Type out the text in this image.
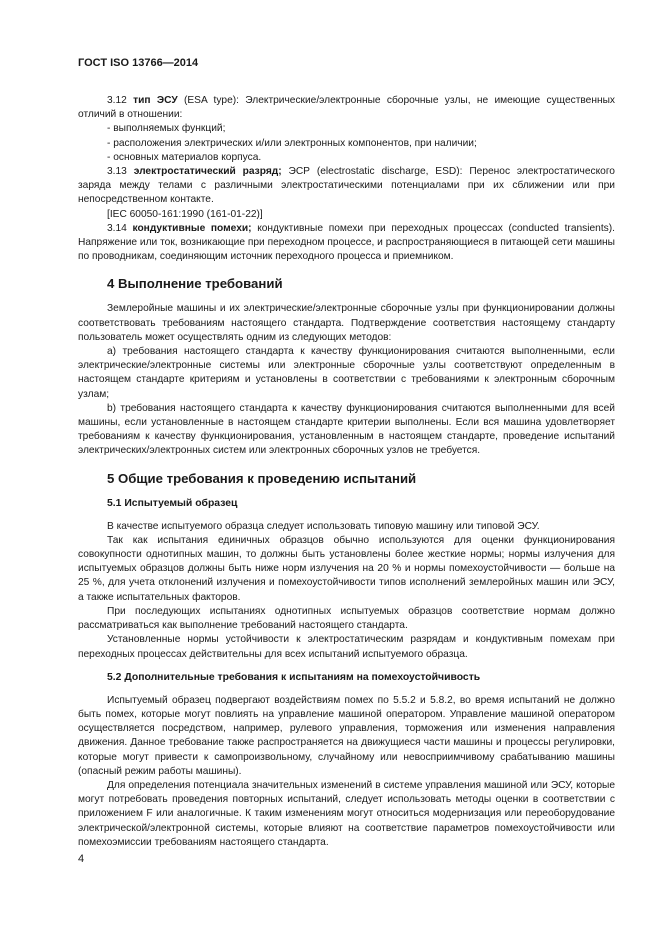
ГОСТ ISO 13766—2014

3.12 тип ЭСУ (ESA type): Электрические/электронные сборочные узлы, не имеющие существенных отличий в отношении:

- выполняемых функций;

- расположения электрических и/или электронных компонентов, при наличии;

- основных материалов корпуса.

3.13 электростатический разряд; ЭСР (electrostatic discharge, ESD): Перенос электростатического заряда между телами с различными электростатическими потенциалами при их сближении или при непосредственном контакте.

[IEC 60050-161:1990 (161-01-22)]

3.14 кондуктивные помехи; кондуктивные помехи при переходных процессах (conducted transients). Напряжение или ток, возникающие при переходном процессе, и распространяющиеся в питающей сети машины по проводникам, соединяющим источник переходного процесса и приемником.

4 Выполнение требований

Землеройные машины и их электрические/электронные сборочные узлы при функционировании должны соответствовать требованиям настоящего стандарта. Подтверждение соответствия настоящему стандарту пользователь может осуществлять одним из следующих методов:

a) требования настоящего стандарта к качеству функционирования считаются выполненными, если электрические/электронные системы или электронные сборочные узлы соответствуют определенным в настоящем стандарте критериям и установлены в соответствии с требованиями к электронным сборочным узлам;

b) требования настоящего стандарта к качеству функционирования считаются выполненными для всей машины, если установленные в настоящем стандарте критерии выполнены. Если вся машина удовлетворяет требованиям к качеству функционирования, установленным в настоящем стандарте, проведение испытаний электрических/электронных систем или электронных сборочных узлов не требуется.

5 Общие требования к проведению испытаний
5.1 Испытуемый образец

В качестве испытуемого образца следует использовать типовую машину или типовой ЭСУ.

Так как испытания единичных образцов обычно используются для оценки функционирования совокупности однотипных машин, то должны быть установлены более жесткие нормы; нормы излучения для испытуемых образцов должны быть ниже норм излучения на 20 % и нормы помехоустойчивости — больше на 25 %, для учета отклонений излучения и помехоустойчивости типов исполнений землеройных машин или ЭСУ, а также испытательных факторов.

При последующих испытаниях однотипных испытуемых образцов соответствие нормам должно рассматриваться как выполнение требований настоящего стандарта.

Установленные нормы устойчивости к электростатическим разрядам и кондуктивным помехам при переходных процессах действительны для всех испытаний испытуемого образца.

5.2 Дополнительные требования к испытаниям на помехоустойчивость

Испытуемый образец подвергают воздействиям помех по 5.5.2 и 5.8.2, во время испытаний не должно быть помех, которые могут повлиять на управление машиной оператором. Управление машиной оператором осуществляется посредством, например, рулевого управления, торможения или изменения направления движения. Данное требование также распространяется на движущиеся части машины и процессы регулировки, которые могут привести к самопроизвольному, случайному или невосприимчивому срабатыванию машины (опасный режим работы машины).

Для определения потенциала значительных изменений в системе управления машиной или ЭСУ, которые могут потребовать проведения повторных испытаний, следует использовать методы оценки в соответствии с приложением F или аналогичные. К таким изменениям могут относиться модернизация или переоборудование электрической/электронной системы, которые влияют на соответствие параметров помехоустойчивости или помехоэмиссии требованиям настоящего стандарта.

4
